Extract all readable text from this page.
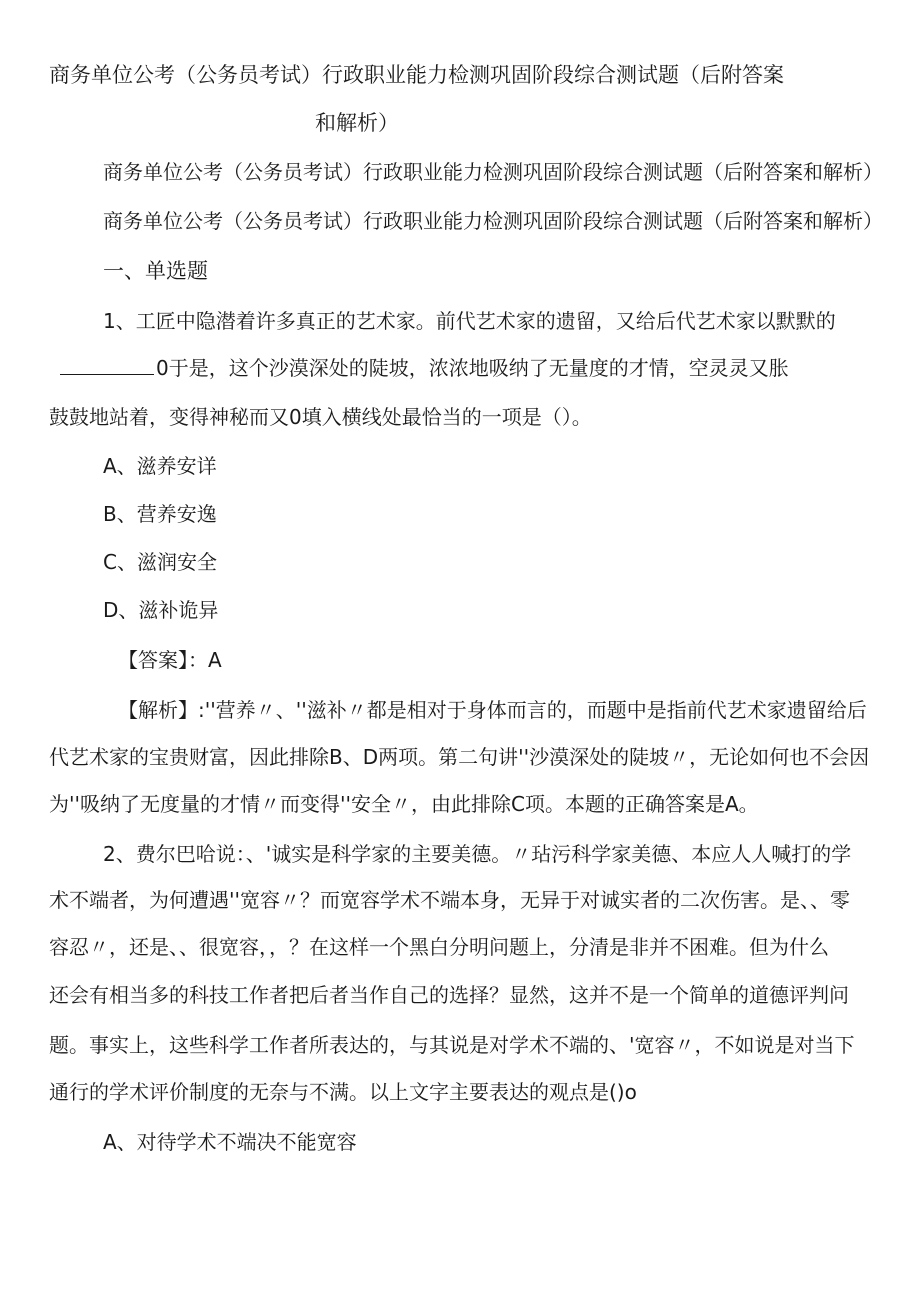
商务单位公考（公务员考试）行政职业能力检测巩固阶段综合测试题（后附答案
和解析）
商务单位公考（公务员考试）行政职业能力检测巩固阶段综合测试题（后附答案和解析）
商务单位公考（公务员考试）行政职业能力检测巩固阶段综合测试题（后附答案和解析）
一、单选题
1、工匠中隐潜着许多真正的艺术家。前代艺术家的遗留，又给后代艺术家以默默的
0于是，这个沙漠深处的陡坡，浓浓地吸纳了无量度的才情，空灵灵又胀
鼓鼓地站着，变得神秘而又0填入横线处最恰当的一项是（）。
A、滋养安详
B、营养安逸
C、滋润安全
D、滋补诡异
【答案】：A
【解析】:''营养〃、''滋补〃都是相对于身体而言的，而题中是指前代艺术家遗留给后
代艺术家的宝贵财富，因此排除B、D两项。第二句讲''沙漠深处的陡坡〃，无论如何也不会因
为''吸纳了无度量的才情〃而变得''安全〃，由此排除C项。本题的正确答案是A。
2、费尔巴哈说：、'诚实是科学家的主要美德。〃玷污科学家美德、本应人人喊打的学
术不端者，为何遭遇''宽容〃？而宽容学术不端本身，无异于对诚实者的二次伤害。是、、零
容忍〃，还是、、很宽容，，？在这样一个黑白分明问题上，分清是非并不困难。但为什么
还会有相当多的科技工作者把后者当作自己的选择？显然，这并不是一个简单的道德评判问
题。事实上，这些科学工作者所表达的，与其说是对学术不端的、'宽容〃，不如说是对当下
通行的学术评价制度的无奈与不满。以上文字主要表达的观点是()o
A、对待学术不端决不能宽容
